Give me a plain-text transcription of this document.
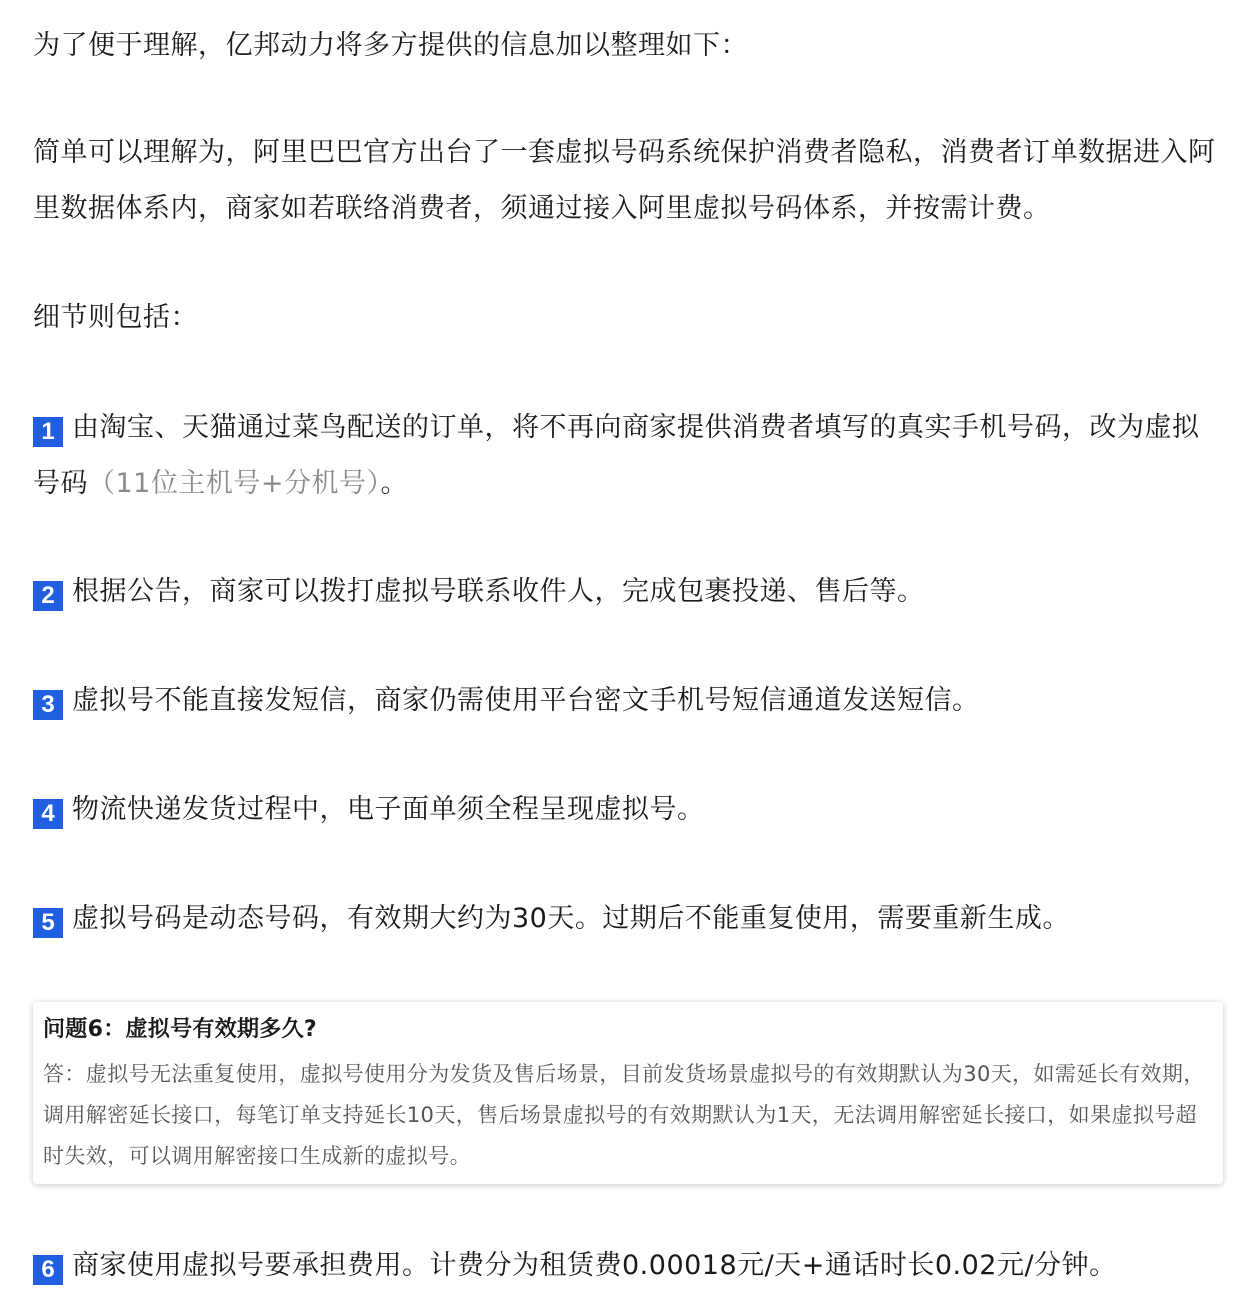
为了便于理解，亿邦动力将多方提供的信息加以整理如下：
简单可以理解为，阿里巴巴官方出台了一套虚拟号码系统保护消费者隐私，消费者订单数据进入阿里数据体系内，商家如若联络消费者，须通过接入阿里虚拟号码体系，并按需计费。
细节则包括：
1 由淘宝、天猫通过菜鸟配送的订单，将不再向商家提供消费者填写的真实手机号码，改为虚拟
号码（11位主机号+分机号）。
2 根据公告，商家可以拨打虚拟号联系收件人，完成包裹投递、售后等。
3 虚拟号不能直接发短信，商家仍需使用平台密文手机号短信通道发送短信。
4 物流快递发货过程中，电子面单须全程呈现虚拟号。
5 虚拟号码是动态号码，有效期大约为30天。过期后不能重复使用，需要重新生成。
问题6：虚拟号有效期多久?
答：虚拟号无法重复使用，虚拟号使用分为发货及售后场景，目前发货场景虚拟号的有效期默认为30天，如需延长有效期，调用解密延长接口，每笔订单支持延长10天，售后场景虚拟号的有效期默认为1天，无法调用解密延长接口，如果虚拟号超时失效，可以调用解密接口生成新的虚拟号。
6 商家使用虚拟号要承担费用。计费分为租赁费0.00018元/天+通话时长0.02元/分钟。
